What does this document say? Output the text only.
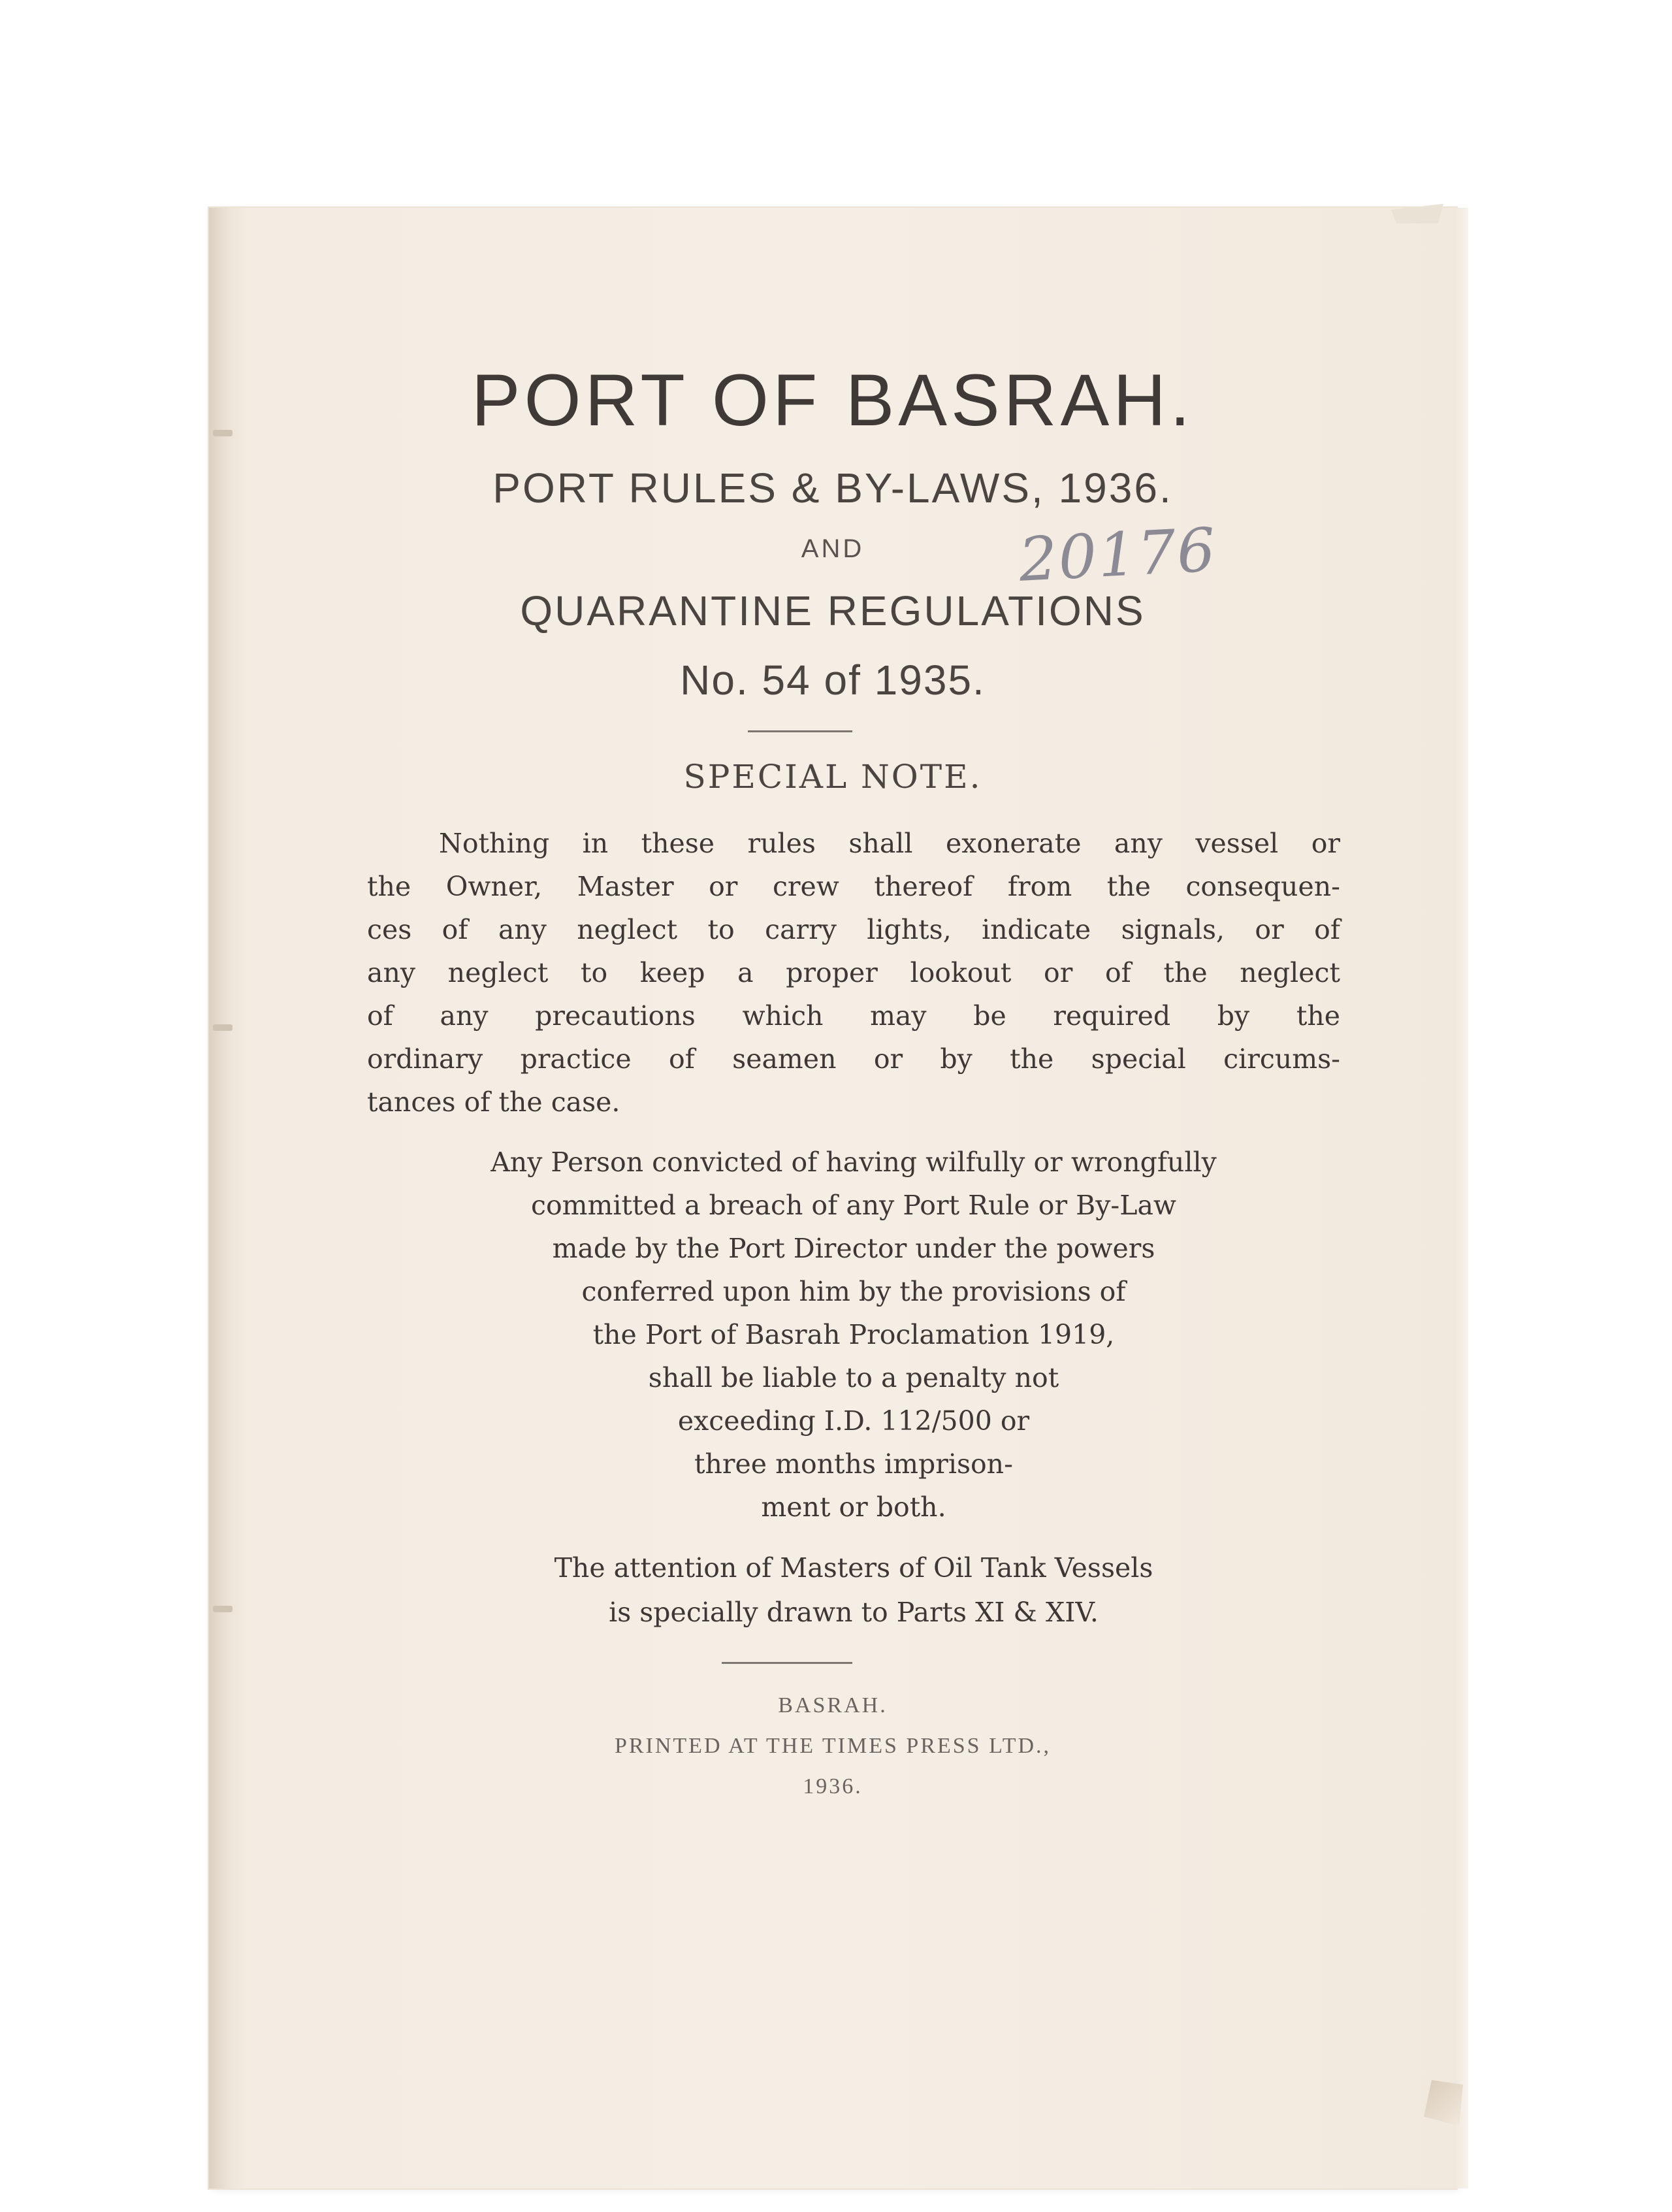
PORT OF BASRAH.
PORT RULES & BY-LAWS, 1936.
AND	20176
QUARANTINE REGULATIONS
No. 54 of 1935.
SPECIAL NOTE.
Nothing in these rules shall exonerate any vessel or
the Owner, Master or crew thereof from the consequen-
ces of any neglect to carry lights, indicate signals, or of
any neglect to keep a proper lookout or of the neglect
of any precautions which may be required by the
ordinary practice of seamen or by the special circums-
tances of the case.
Any Person convicted of having wilfully or wrongfully
committed a breach of any Port Rule or By-Law
made by the Port Director under the powers
conferred upon him by the provisions of
the Port of Basrah Proclamation 1919,
shall be liable to a penalty not
exceeding I.D. 112/500 or
three months imprison-
ment or both.
The attention of Masters of Oil Tank Vessels
is specially drawn to Parts XI & XIV.
BASRAH.
PRINTED AT THE TIMES PRESS LTD.,
1936.
